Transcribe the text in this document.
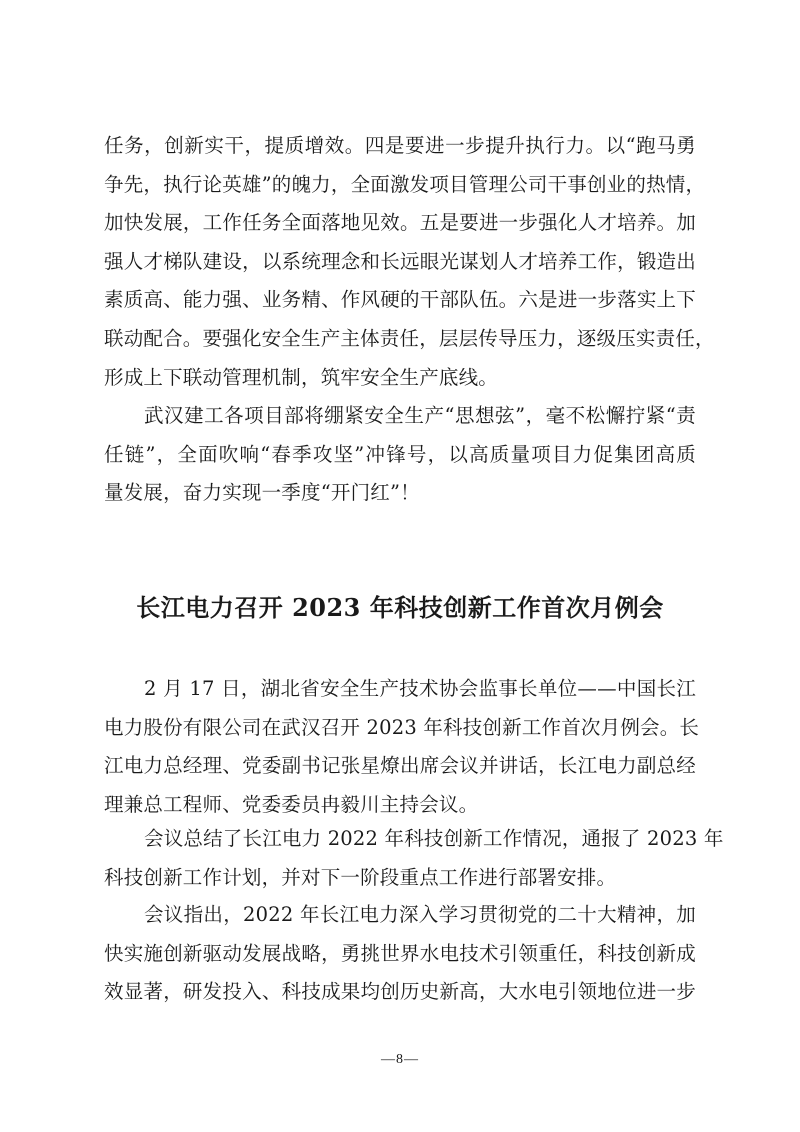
任务，创新实干，提质增效。四是要进一步提升执行力。以“跑马勇

争先，执行论英雄”的魄力，全面激发项目管理公司干事创业的热情，

加快发展，工作任务全面落地见效。五是要进一步强化人才培养。加

强人才梯队建设，以系统理念和长远眼光谋划人才培养工作，锻造出

素质高、能力强、业务精、作风硬的干部队伍。六是进一步落实上下

联动配合。要强化安全生产主体责任，层层传导压力，逐级压实责任，

形成上下联动管理机制，筑牢安全生产底线。

武汉建工各项目部将绷紧安全生产“思想弦”，毫不松懈拧紧“责

任链”，全面吹响“春季攻坚”冲锋号，以高质量项目力促集团高质

量发展，奋力实现一季度“开门红”！

长江电力召开 2023 年科技创新工作首次月例会

2 月 17 日，湖北省安全生产技术协会监事长单位——中国长江

电力股份有限公司在武汉召开 2023 年科技创新工作首次月例会。长

江电力总经理、党委副书记张星燎出席会议并讲话，长江电力副总经

理兼总工程师、党委委员冉毅川主持会议。

会议总结了长江电力 2022 年科技创新工作情况，通报了 2023 年

科技创新工作计划，并对下一阶段重点工作进行部署安排。

会议指出，2022 年长江电力深入学习贯彻党的二十大精神，加

快实施创新驱动发展战略，勇挑世界水电技术引领重任，科技创新成

效显著，研发投入、科技成果均创历史新高，大水电引领地位进一步

—8—
